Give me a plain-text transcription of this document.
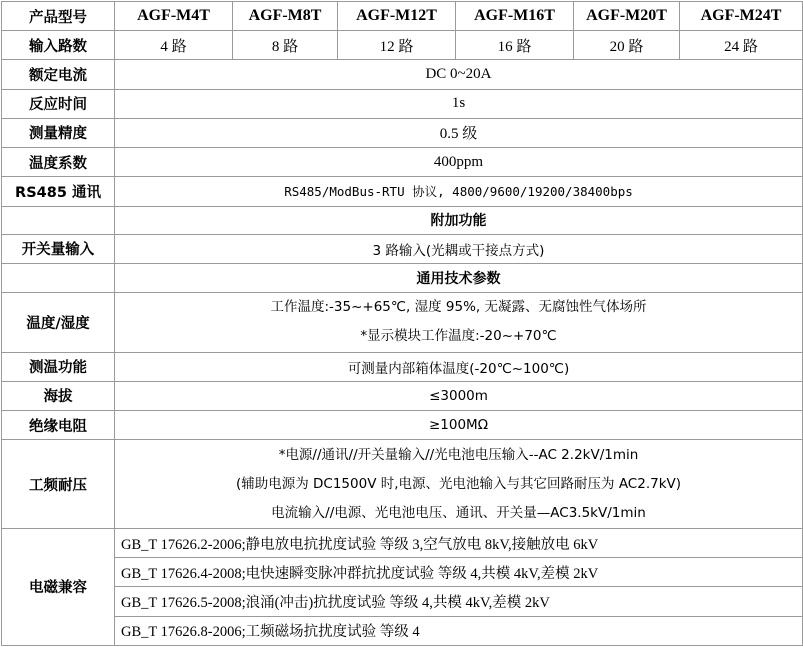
产品型号	AGF-M4T	AGF-M8T	AGF-M12T	AGF-M16T	AGF-M20T	AGF-M24T
输入路数	4 路	8 路	12 路	16 路	20 路	24 路
额定电流	DC 0~20A					
反应时间	1s					
测量精度	0.5 级					
温度系数	400ppm					
RS485 通讯	RS485/ModBus-RTU 协议, 4800/9600/19200/38400bps					
	附加功能					
开关量输入	3 路输入(光耦或干接点方式)					
	通用技术参数					
温度/湿度	工作温度:-35~+65℃, 湿度 95%, 无凝露、无腐蚀性气体场所
*显示模块工作温度:-20~+70℃					

测温功能	可测量内部箱体温度(-20℃~100℃)					
海拔	≤3000m					
绝缘电阻	≥100MΩ					
工频耐压	*电源//通讯//开关量输入//光电池电压输入--AC 2.2kV/1min
(辅助电源为 DC1500V 时,电源、光电池输入与其它回路耐压为 AC2.7kV)
电流输入//电源、光电池电压、通讯、开关量—AC3.5kV/1min					

电磁兼容	GB_T 17626.2-2006;静电放电抗扰度试验 等级 3,空气放电 8kV,接触放电 6kV					
	GB_T 17626.4-2008;电快速瞬变脉冲群抗扰度试验 等级 4,共模 4kV,差模 2kV					
	GB_T 17626.5-2008;浪涌(冲击)抗扰度试验 等级 4,共模 4kV,差模 2kV					
	GB_T 17626.8-2006;工频磁场抗扰度试验 等级 4					
